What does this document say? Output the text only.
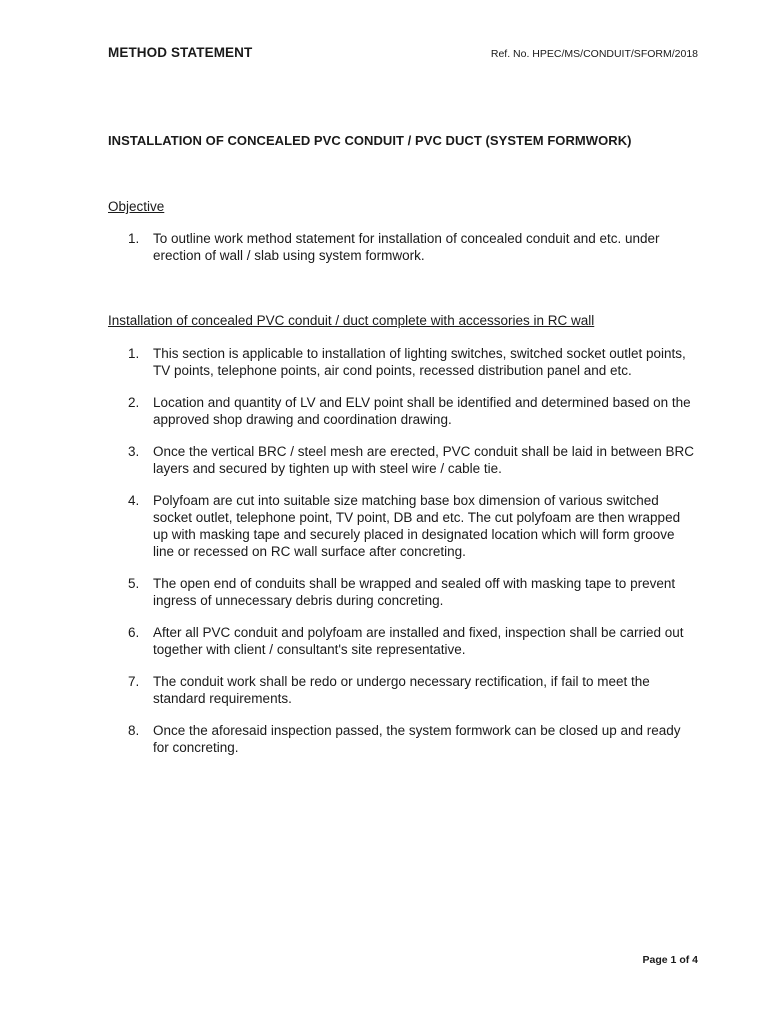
METHOD STATEMENT	Ref. No. HPEC/MS/CONDUIT/SFORM/2018
INSTALLATION OF CONCEALED PVC CONDUIT / PVC DUCT (SYSTEM FORMWORK)
Objective
1.	To outline work method statement for installation of concealed conduit and etc. under erection of wall / slab using system formwork.
Installation of concealed PVC conduit / duct complete with accessories in RC wall
1.	This section is applicable to installation of lighting switches, switched socket outlet points, TV points, telephone points, air cond points, recessed distribution panel and etc.
2.	Location and quantity of LV and ELV point shall be identified and determined based on the approved shop drawing and coordination drawing.
3.	Once the vertical BRC / steel mesh are erected, PVC conduit shall be laid in between BRC layers and secured by tighten up with steel wire / cable tie.
4.	Polyfoam are cut into suitable size matching base box dimension of various switched socket outlet, telephone point, TV point, DB and etc. The cut polyfoam are then wrapped up with masking tape and securely placed in designated location which will form groove line or recessed on RC wall surface after concreting.
5.	The open end of conduits shall be wrapped and sealed off with masking tape to prevent ingress of unnecessary debris during concreting.
6.	After all PVC conduit and polyfoam are installed and fixed, inspection shall be carried out together with client / consultant's site representative.
7.	The conduit work shall be redo or undergo necessary rectification, if fail to meet the standard requirements.
8.	Once the aforesaid inspection passed, the system formwork can be closed up and ready for concreting.
Page 1 of 4
